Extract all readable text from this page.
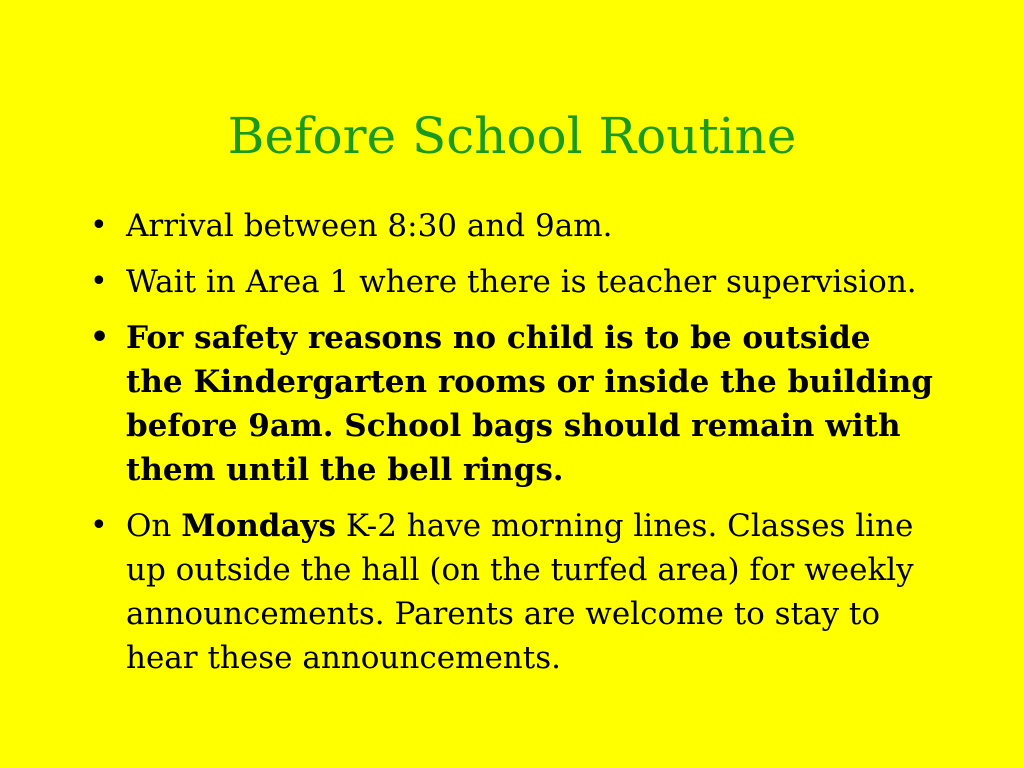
Before School Routine
• Arrival between 8:30 and 9am.
• Wait in Area 1 where there is teacher supervision.
• For safety reasons no child is to be outside the Kindergarten rooms or inside the building before 9am. School bags should remain with them until the bell rings.
• On Mondays K-2 have morning lines. Classes line up outside the hall (on the turfed area) for weekly announcements. Parents are welcome to stay to hear these announcements.
